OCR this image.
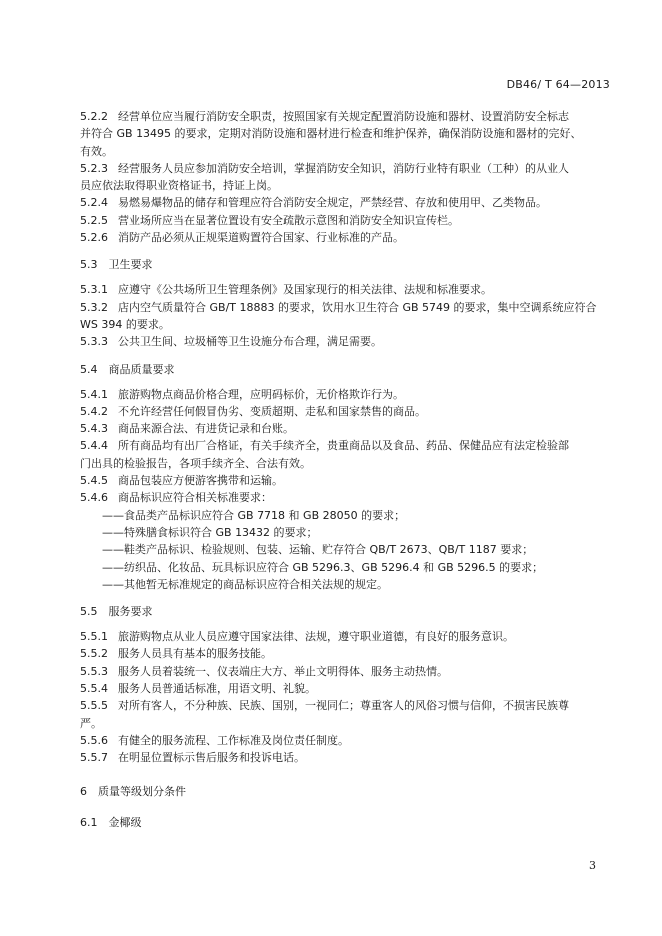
DB46/ T 64—2013
5.2.2 经营单位应当履行消防安全职责，按照国家有关规定配置消防设施和器材、设置消防安全标志
并符合 GB 13495 的要求，定期对消防设施和器材进行检查和维护保养，确保消防设施和器材的完好、
有效。
5.2.3 经营服务人员应参加消防安全培训，掌握消防安全知识，消防行业特有职业（工种）的从业人
员应依法取得职业资格证书，持证上岗。
5.2.4 易燃易爆物品的储存和管理应符合消防安全规定，严禁经营、存放和使用甲、乙类物品。
5.2.5 营业场所应当在显著位置设有安全疏散示意图和消防安全知识宣传栏。
5.2.6 消防产品必须从正规渠道购置符合国家、行业标准的产品。
5.3　卫生要求
5.3.1 应遵守《公共场所卫生管理条例》及国家现行的相关法律、法规和标准要求。
5.3.2 店内空气质量符合 GB/T 18883 的要求，饮用水卫生符合 GB 5749 的要求，集中空调系统应符合
WS 394 的要求。
5.3.3 公共卫生间、垃圾桶等卫生设施分布合理，满足需要。
5.4　商品质量要求
5.4.1 旅游购物点商品价格合理，应明码标价，无价格欺诈行为。
5.4.2 不允许经营任何假冒伪劣、变质超期、走私和国家禁售的商品。
5.4.3 商品来源合法、有进货记录和台账。
5.4.4 所有商品均有出厂合格证，有关手续齐全，贵重商品以及食品、药品、保健品应有法定检验部
门出具的检验报告，各项手续齐全、合法有效。
5.4.5 商品包装应方便游客携带和运输。
5.4.6 商品标识应符合相关标准要求：
——食品类产品标识应符合 GB 7718 和 GB 28050 的要求；
——特殊膳食标识符合 GB 13432 的要求；
——鞋类产品标识、检验规则、包装、运输、贮存符合 QB/T 2673、QB/T 1187 要求；
——纺织品、化妆品、玩具标识应符合 GB 5296.3、GB 5296.4 和 GB 5296.5 的要求；
——其他暂无标准规定的商品标识应符合相关法规的规定。
5.5　服务要求
5.5.1 旅游购物点从业人员应遵守国家法律、法规，遵守职业道德，有良好的服务意识。
5.5.2 服务人员具有基本的服务技能。
5.5.3 服务人员着装统一、仪表端庄大方、举止文明得体、服务主动热情。
5.5.4 服务人员普通话标准，用语文明、礼貌。
5.5.5 对所有客人，不分种族、民族、国别，一视同仁；尊重客人的风俗习惯与信仰，不损害民族尊
严。
5.5.6 有健全的服务流程、工作标准及岗位责任制度。
5.5.7 在明显位置标示售后服务和投诉电话。
6　质量等级划分条件
6.1　金椰级
3
